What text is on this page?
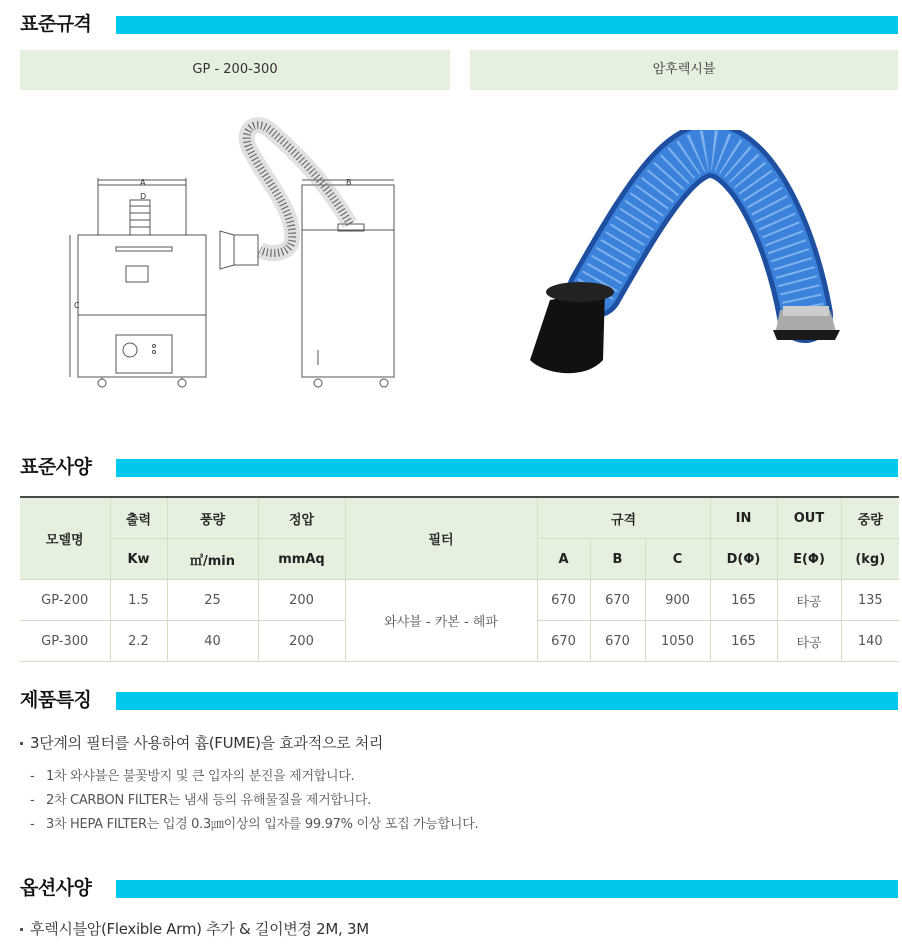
표준규격
GP - 200-300	암후렉시블
A
D
B
C
표준사양
모델명	출력	풍량	정압	필터	규격			IN	OUT	중량
	Kw	㎥/min	mmAq		A	B	C	D(Φ)	E(Φ)	(kg)
GP-200	1.5	25	200	와샤블 - 카본 - 헤파	670	670	900	165	타공	135
GP-300	2.2	40	200		670	670	1050	165	타공	140
제품특징
3단계의 필터를 사용하여 흄(FUME)을 효과적으로 처리
- 1차 와샤블은 불꽃방지 및 큰 입자의 분진을 제거합니다.
- 2차 CARBON FILTER는 냄새 등의 유해물질을 제거합니다.
- 3차 HEPA FILTER는 입경 0.3㎛이상의 입자를 99.97% 이상 포집 가능합니다.
옵션사양
후렉시블암(Flexible Arm) 추가 & 길이변경 2M, 3M
